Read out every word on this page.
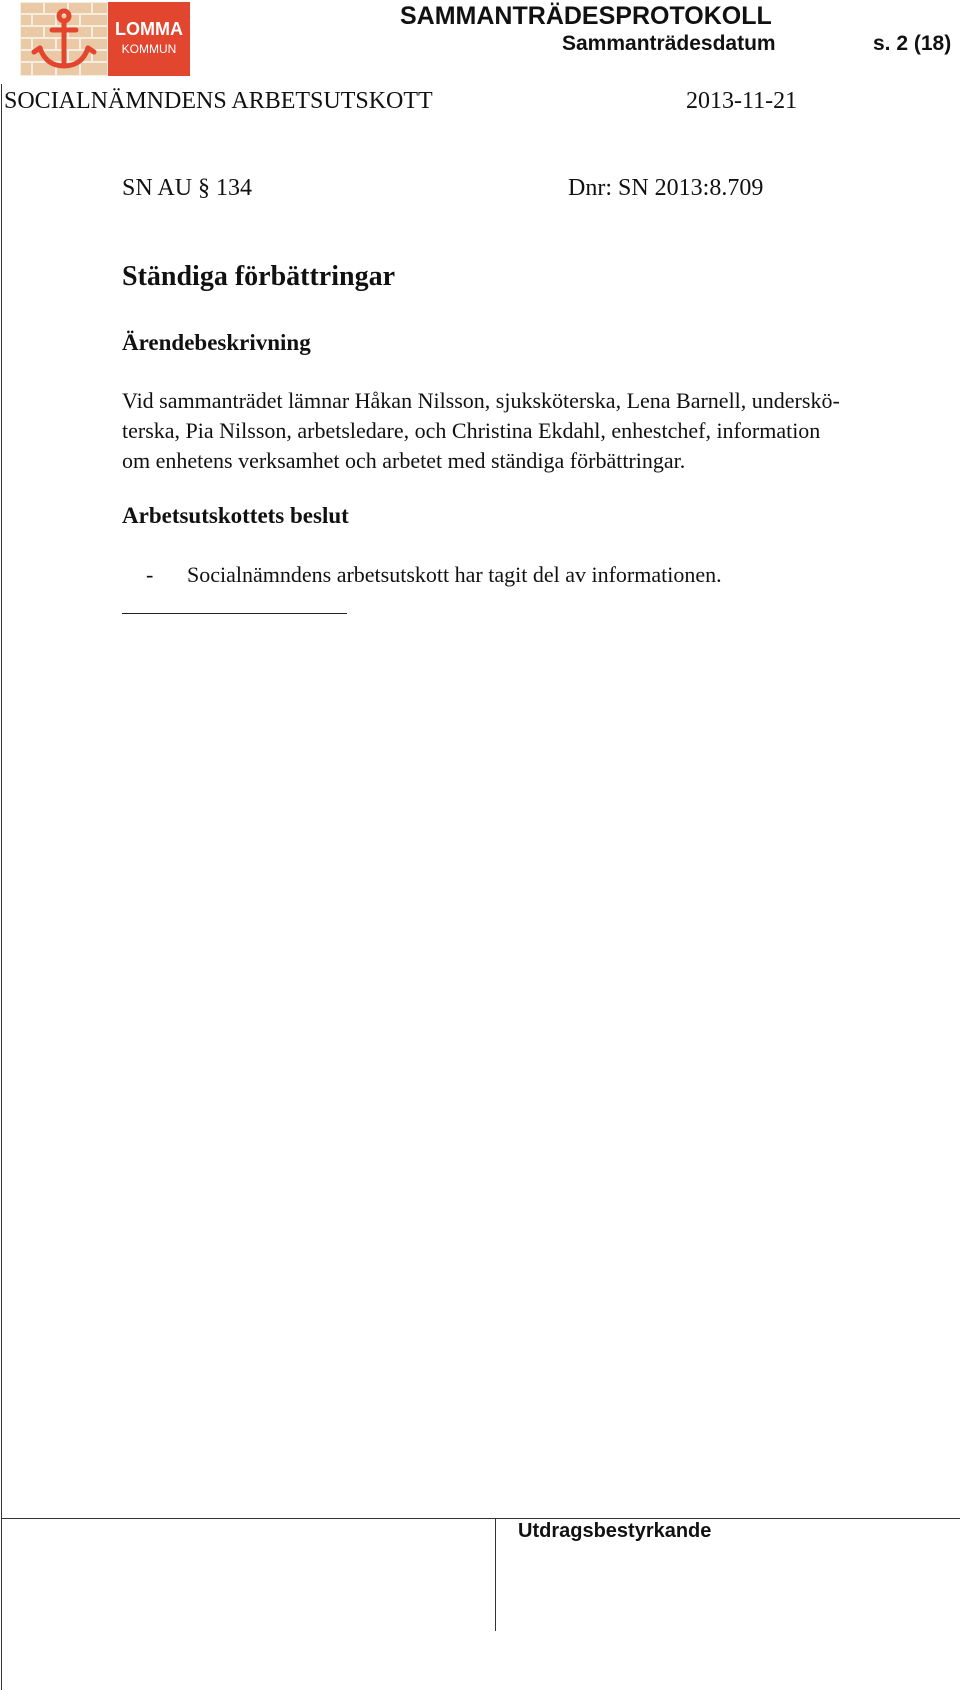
LOMMA
KOMMUN
SAMMANTRÄDESPROTOKOLL
Sammanträdesdatum	s. 2 (18)
SOCIALNÄMNDENS ARBETSUTSKOTT	2013-11-21
SN AU § 134	Dnr: SN 2013:8.709
Ständiga förbättringar
Ärendebeskrivning
Vid sammanträdet lämnar Håkan Nilsson, sjuksköterska, Lena Barnell, underskö-
terska, Pia Nilsson, arbetsledare, och Christina Ekdahl, enhestchef, information
om enhetens verksamhet och arbetet med ständiga förbättringar.
Arbetsutskottets beslut
- Socialnämndens arbetsutskott har tagit del av informationen.
Utdragsbestyrkande
